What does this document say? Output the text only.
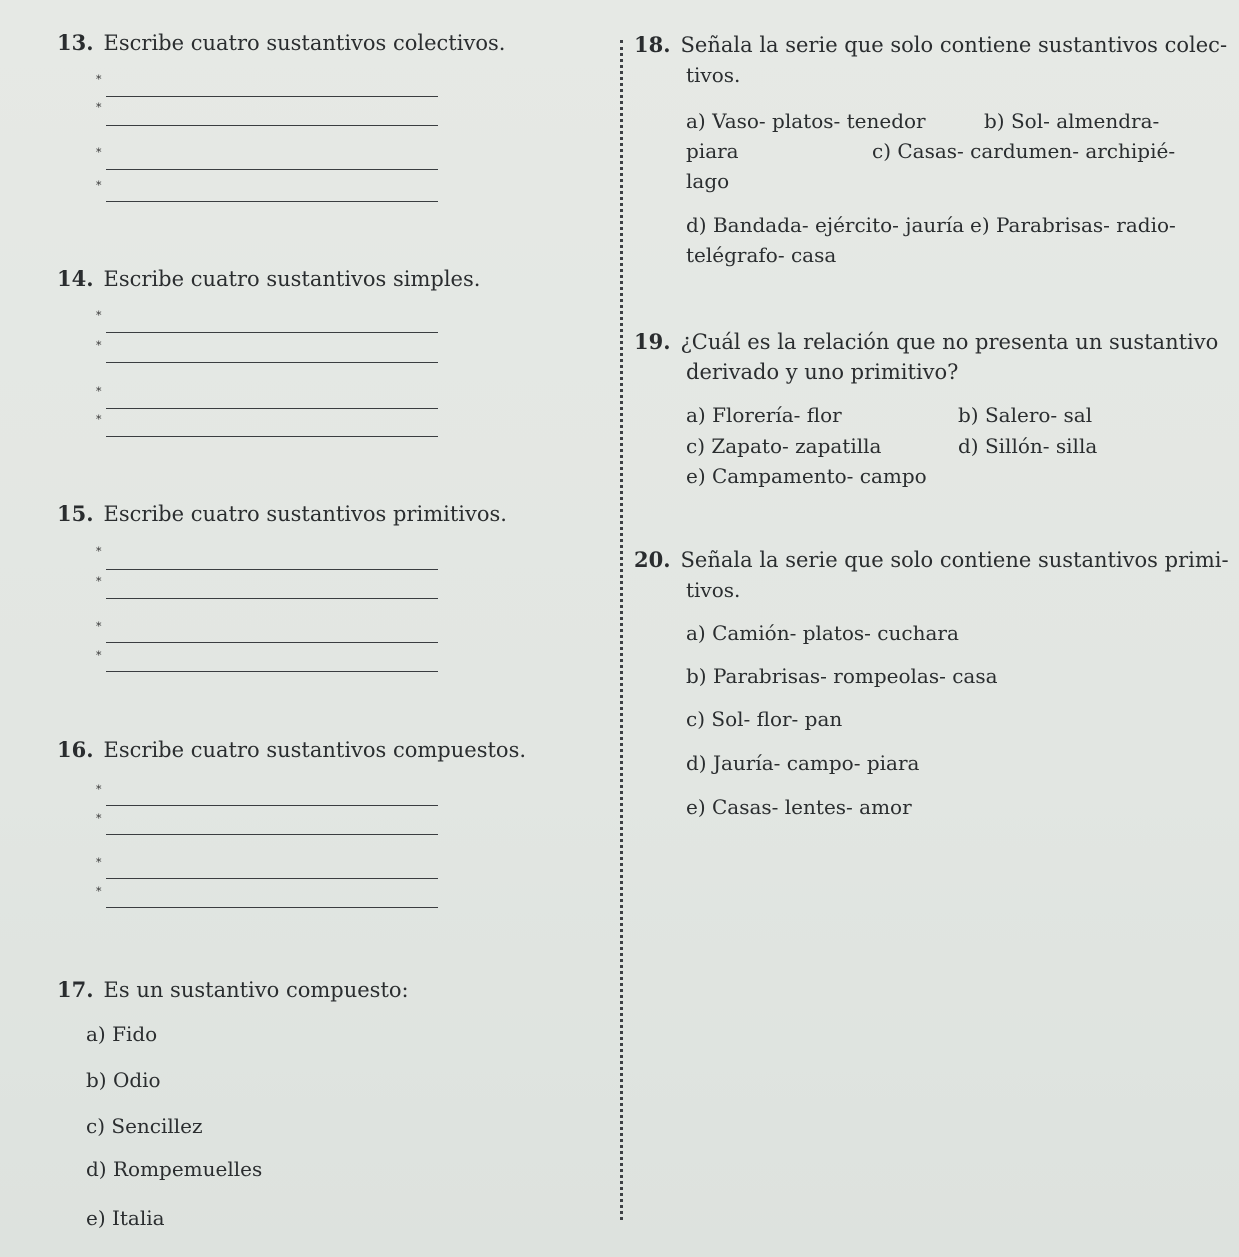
13. Escribe cuatro sustantivos colectivos.
*
*
*
*
14. Escribe cuatro sustantivos simples.
*
*
*
*
15. Escribe cuatro sustantivos primitivos.
*
*
*
*
16. Escribe cuatro sustantivos compuestos.
*
*
*
*
17. Es un sustantivo compuesto:
a) Fido
b) Odio
c) Sencillez
d) Rompemuelles
e) Italia
18. Señala la serie que solo contiene sustantivos colec-
tivos.
a) Vaso- platos- tenedor	b) Sol- almendra-
piara	c) Casas- cardumen- archipié-
lago
d) Bandada- ejército- jauría e) Parabrisas- radio-
telégrafo- casa
19. ¿Cuál es la relación que no presenta un sustantivo
derivado y uno primitivo?
a) Florería- flor	b) Salero- sal
c) Zapato- zapatilla	d) Sillón- silla
e) Campamento- campo
20. Señala la serie que solo contiene sustantivos primi-
tivos.
a) Camión- platos- cuchara
b) Parabrisas- rompeolas- casa
c) Sol- flor- pan
d) Jauría- campo- piara
e) Casas- lentes- amor
